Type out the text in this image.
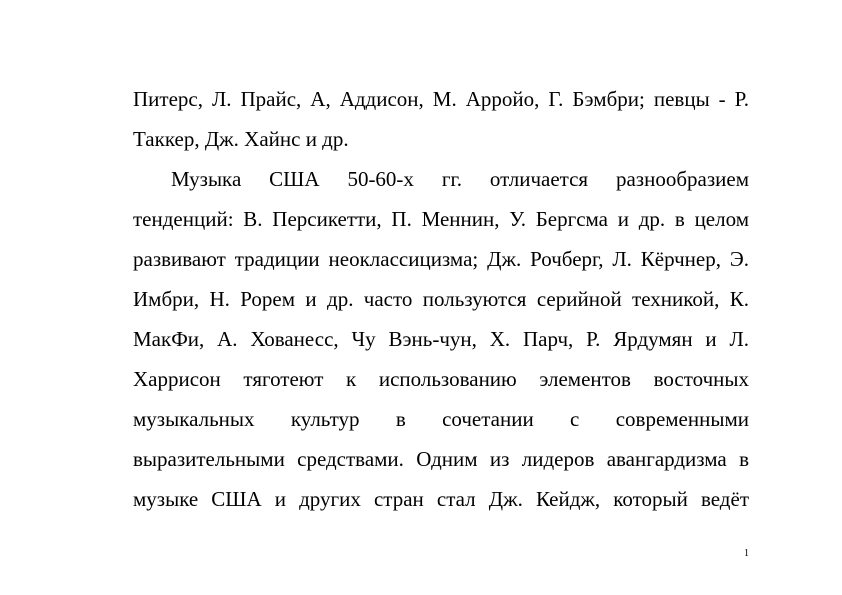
Питерс, Л. Прайс, А, Аддисон, М. Арройо, Г. Бэмбри; певцы - Р.
Таккер, Дж. Хайнс и др.
Музыка США 50-60-х гг. отличается разнообразием
тенденций: В. Персикетти, П. Меннин, У. Бергсма и др. в целом
развивают традиции неоклассицизма; Дж. Рочберг, Л. Кёрчнер, Э.
Имбри, Н. Рорем и др. часто пользуются серийной техникой, К.
МакФи, А. Хованесс, Чу Вэнь-чун, Х. Парч, Р. Ярдумян и Л.
Харрисон тяготеют к использованию элементов восточных
музыкальных культур в сочетании с современными
выразительными средствами. Одним из лидеров авангардизма в
музыке США и других стран стал Дж. Кейдж, который ведёт
1
